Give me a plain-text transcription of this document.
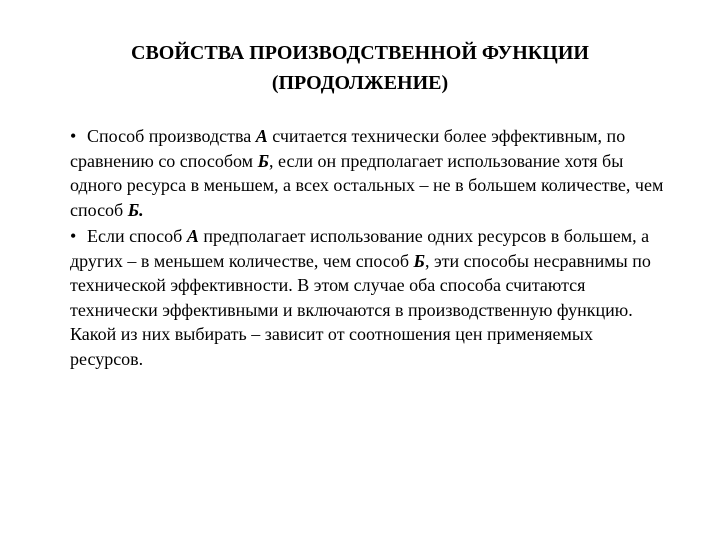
СВОЙСТВА ПРОИЗВОДСТВЕННОЙ ФУНКЦИИ
(ПРОДОЛЖЕНИЕ)

• Способ производства А считается технически более эффективным, по сравнению со способом Б, если он предполагает использование хотя бы одного ресурса в меньшем, а всех остальных – не в большем количестве, чем способ Б.

• Если способ А предполагает использование одних ресурсов в большем, а других – в меньшем количестве, чем способ Б, эти способы несравнимы по технической эффективности. В этом случае оба способа считаются технически эффективными и включаются в производственную функцию. Какой из них выбирать – зависит от соотношения цен применяемых ресурсов.
